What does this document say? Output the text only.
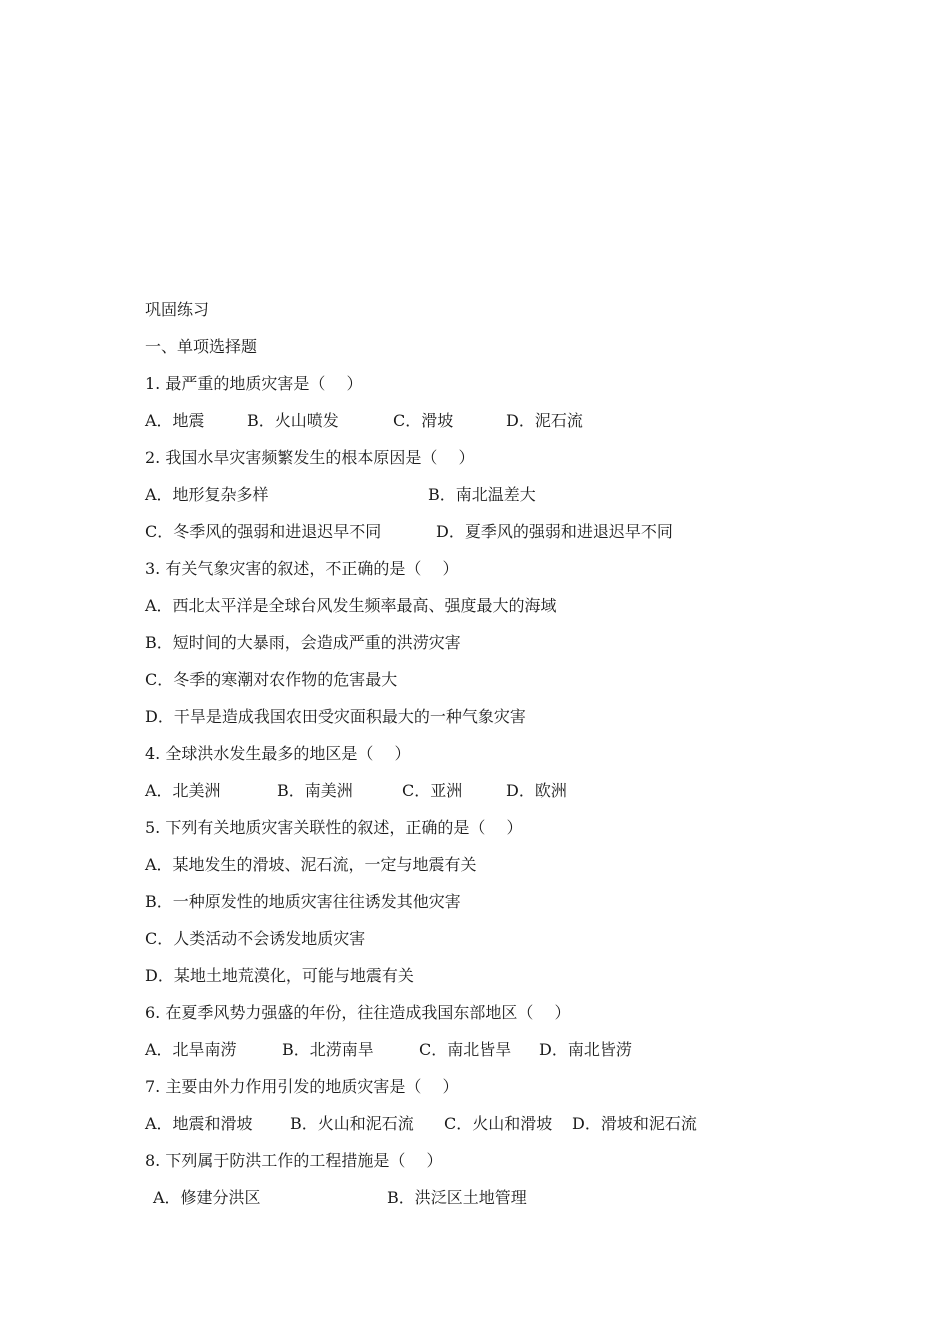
巩固练习
一、单项选择题
1. 最严重的地质灾害是（　 ）
A．地震	B．火山喷发	C．滑坡	D．泥石流
2. 我国水旱灾害频繁发生的根本原因是（　 ）
A．地形复杂多样	B．南北温差大
C．冬季风的强弱和进退迟早不同	D．夏季风的强弱和进退迟早不同
3. 有关气象灾害的叙述，不正确的是（　 ）
A．西北太平洋是全球台风发生频率最高、强度最大的海域
B．短时间的大暴雨，会造成严重的洪涝灾害
C．冬季的寒潮对农作物的危害最大
D．干旱是造成我国农田受灾面积最大的一种气象灾害
4. 全球洪水发生最多的地区是（　 ）
A．北美洲	B．南美洲	C．亚洲	D．欧洲
5. 下列有关地质灾害关联性的叙述，正确的是（　 ）
A．某地发生的滑坡、泥石流，一定与地震有关
B．一种原发性的地质灾害往往诱发其他灾害
C．人类活动不会诱发地质灾害
D．某地土地荒漠化，可能与地震有关
6. 在夏季风势力强盛的年份，往往造成我国东部地区（　 ）
A．北旱南涝	B．北涝南旱	C．南北皆旱 D．南北皆涝
7. 主要由外力作用引发的地质灾害是（　 ）
A．地震和滑坡 B．火山和泥石流 C．火山和滑坡 D．滑坡和泥石流
8. 下列属于防洪工作的工程措施是（　 ）
A．修建分洪区	B．洪泛区土地管理
